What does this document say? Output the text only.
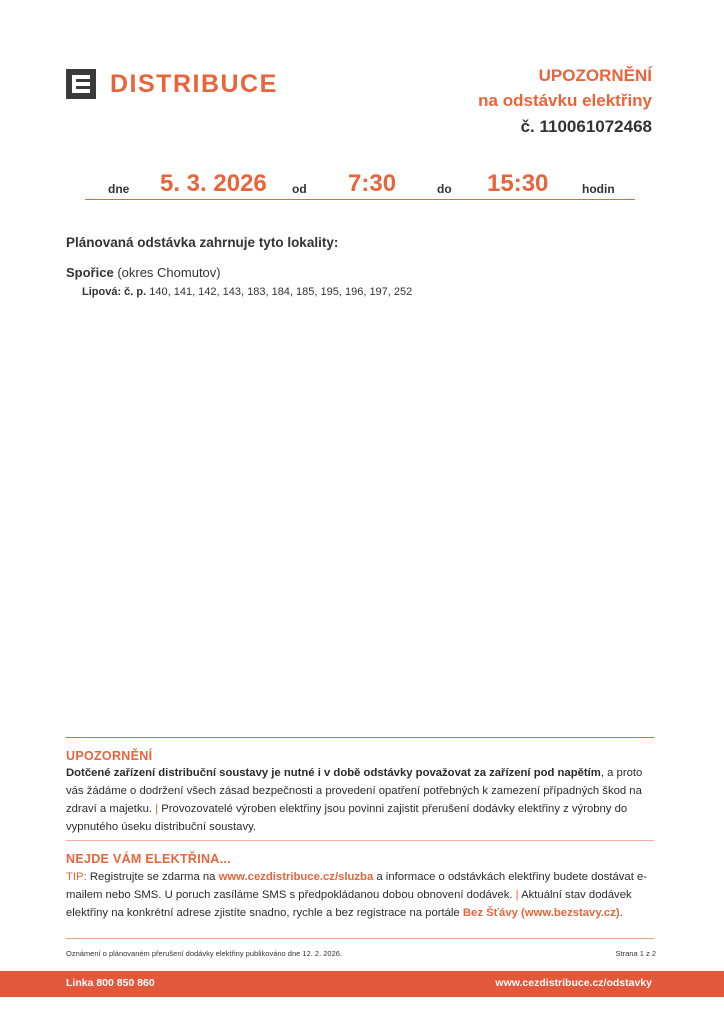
DISTRIBUCE	UPOZORNĚNÍ
na odstávku elektřiny
č. 110061072468
dne 5. 3. 2026 od 7:30	do 15:30	hodin
Plánovaná odstávka zahrnuje tyto lokality:
Spořice (okres Chomutov)
Lipová: č. p. 140, 141, 142, 143, 183, 184, 185, 195, 196, 197, 252
UPOZORNĚNÍ
Dotčené zařízení distribuční soustavy je nutné i v době odstávky považovat za zařízení pod napětím, a proto vás žádáme o dodržení všech zásad bezpečnosti a provedení opatření potřebných k zamezení případných škod na zdraví a majetku. | Provozovatelé výroben elektřiny jsou povinni zajistit přerušení dodávky elektřiny z výrobny do vypnutého úseku distribuční soustavy.
NEJDE VÁM ELEKTŘINA...
TIP: Registrujte se zdarma na www.cezdistribuce.cz/sluzba a informace o odstávkách elektřiny budete dostávat e-mailem nebo SMS. U poruch zasíláme SMS s předpokládanou dobou obnovení dodávek. | Aktuální stav dodávek elektřiny na konkrétní adrese zjistíte snadno, rychle a bez registrace na portále Bez Šťávy (www.bezstavy.cz).
Oznámení o plánovaném přerušení dodávky elektřiny publikováno dne 12. 2. 2026.	Strana 1 z 2
Linka 800 850 860	www.cezdistribuce.cz/odstavky
